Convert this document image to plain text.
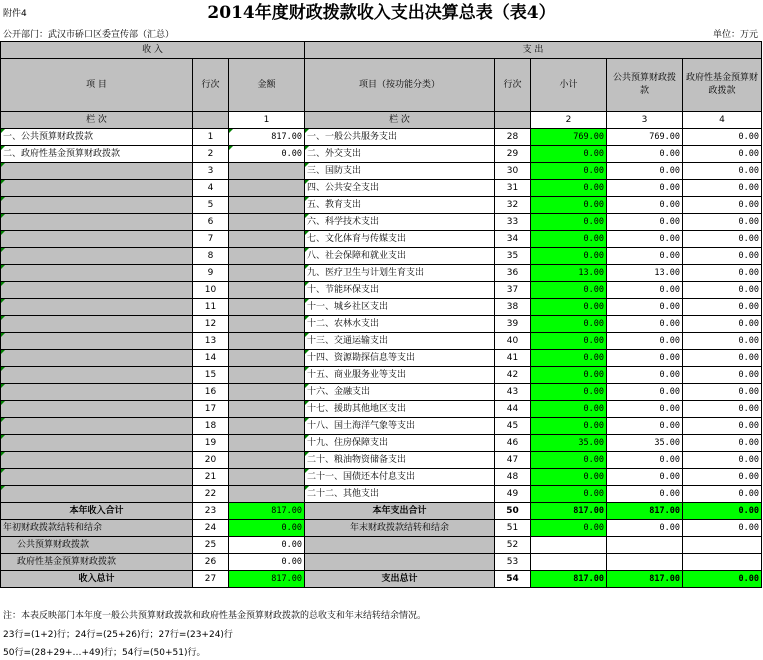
附件4	2014年度财政拨款收入支出决算总表（表4）
公开部门：武汉市硚口区委宣传部（汇总）	单位：万元
收 入			支 出				
项 目	行次	金额	项目（按功能分类）	行次	小计	公共预算财政拨款	政府性基金预算财政拨款
栏 次		1	栏 次		2	3	4
一、公共预算财政拨款	1	817.00	一、一般公共服务支出	28	769.00	769.00	0.00
二、政府性基金预算财政拨款	2	0.00	二、外交支出	29	0.00	0.00	0.00
	3		三、国防支出	30	0.00	0.00	0.00
	4		四、公共安全支出	31	0.00	0.00	0.00
	5		五、教育支出	32	0.00	0.00	0.00
	6		六、科学技术支出	33	0.00	0.00	0.00
	7		七、文化体育与传媒支出	34	0.00	0.00	0.00
	8		八、社会保障和就业支出	35	0.00	0.00	0.00
	9		九、医疗卫生与计划生育支出	36	13.00	13.00	0.00
	10		十、节能环保支出	37	0.00	0.00	0.00
	11		十一、城乡社区支出	38	0.00	0.00	0.00
	12		十二、农林水支出	39	0.00	0.00	0.00
	13		十三、交通运输支出	40	0.00	0.00	0.00
	14		十四、资源勘探信息等支出	41	0.00	0.00	0.00
	15		十五、商业服务业等支出	42	0.00	0.00	0.00
	16		十六、金融支出	43	0.00	0.00	0.00
	17		十七、援助其他地区支出	44	0.00	0.00	0.00
	18		十八、国土海洋气象等支出	45	0.00	0.00	0.00
	19		十九、住房保障支出	46	35.00	35.00	0.00
	20		二十、粮油物资储备支出	47	0.00	0.00	0.00
	21		二十一、国债还本付息支出	48	0.00	0.00	0.00
	22		二十二、其他支出	49	0.00	0.00	0.00
本年收入合计	23	817.00	本年支出合计	50	817.00	817.00	0.00
年初财政拨款结转和结余	24	0.00	年末财政拨款结转和结余	51	0.00	0.00	0.00
公共预算财政拨款	25	0.00		52			
政府性基金预算财政拨款	26	0.00		53			
收入总计	27	817.00	支出总计	54	817.00	817.00	0.00
注：本表反映部门本年度一般公共预算财政拨款和政府性基金预算财政拨款的总收支和年末结转结余情况。
23行=(1+2)行；24行=(25+26)行；27行=(23+24)行
50行=(28+29+…+49)行；54行=(50+51)行。
